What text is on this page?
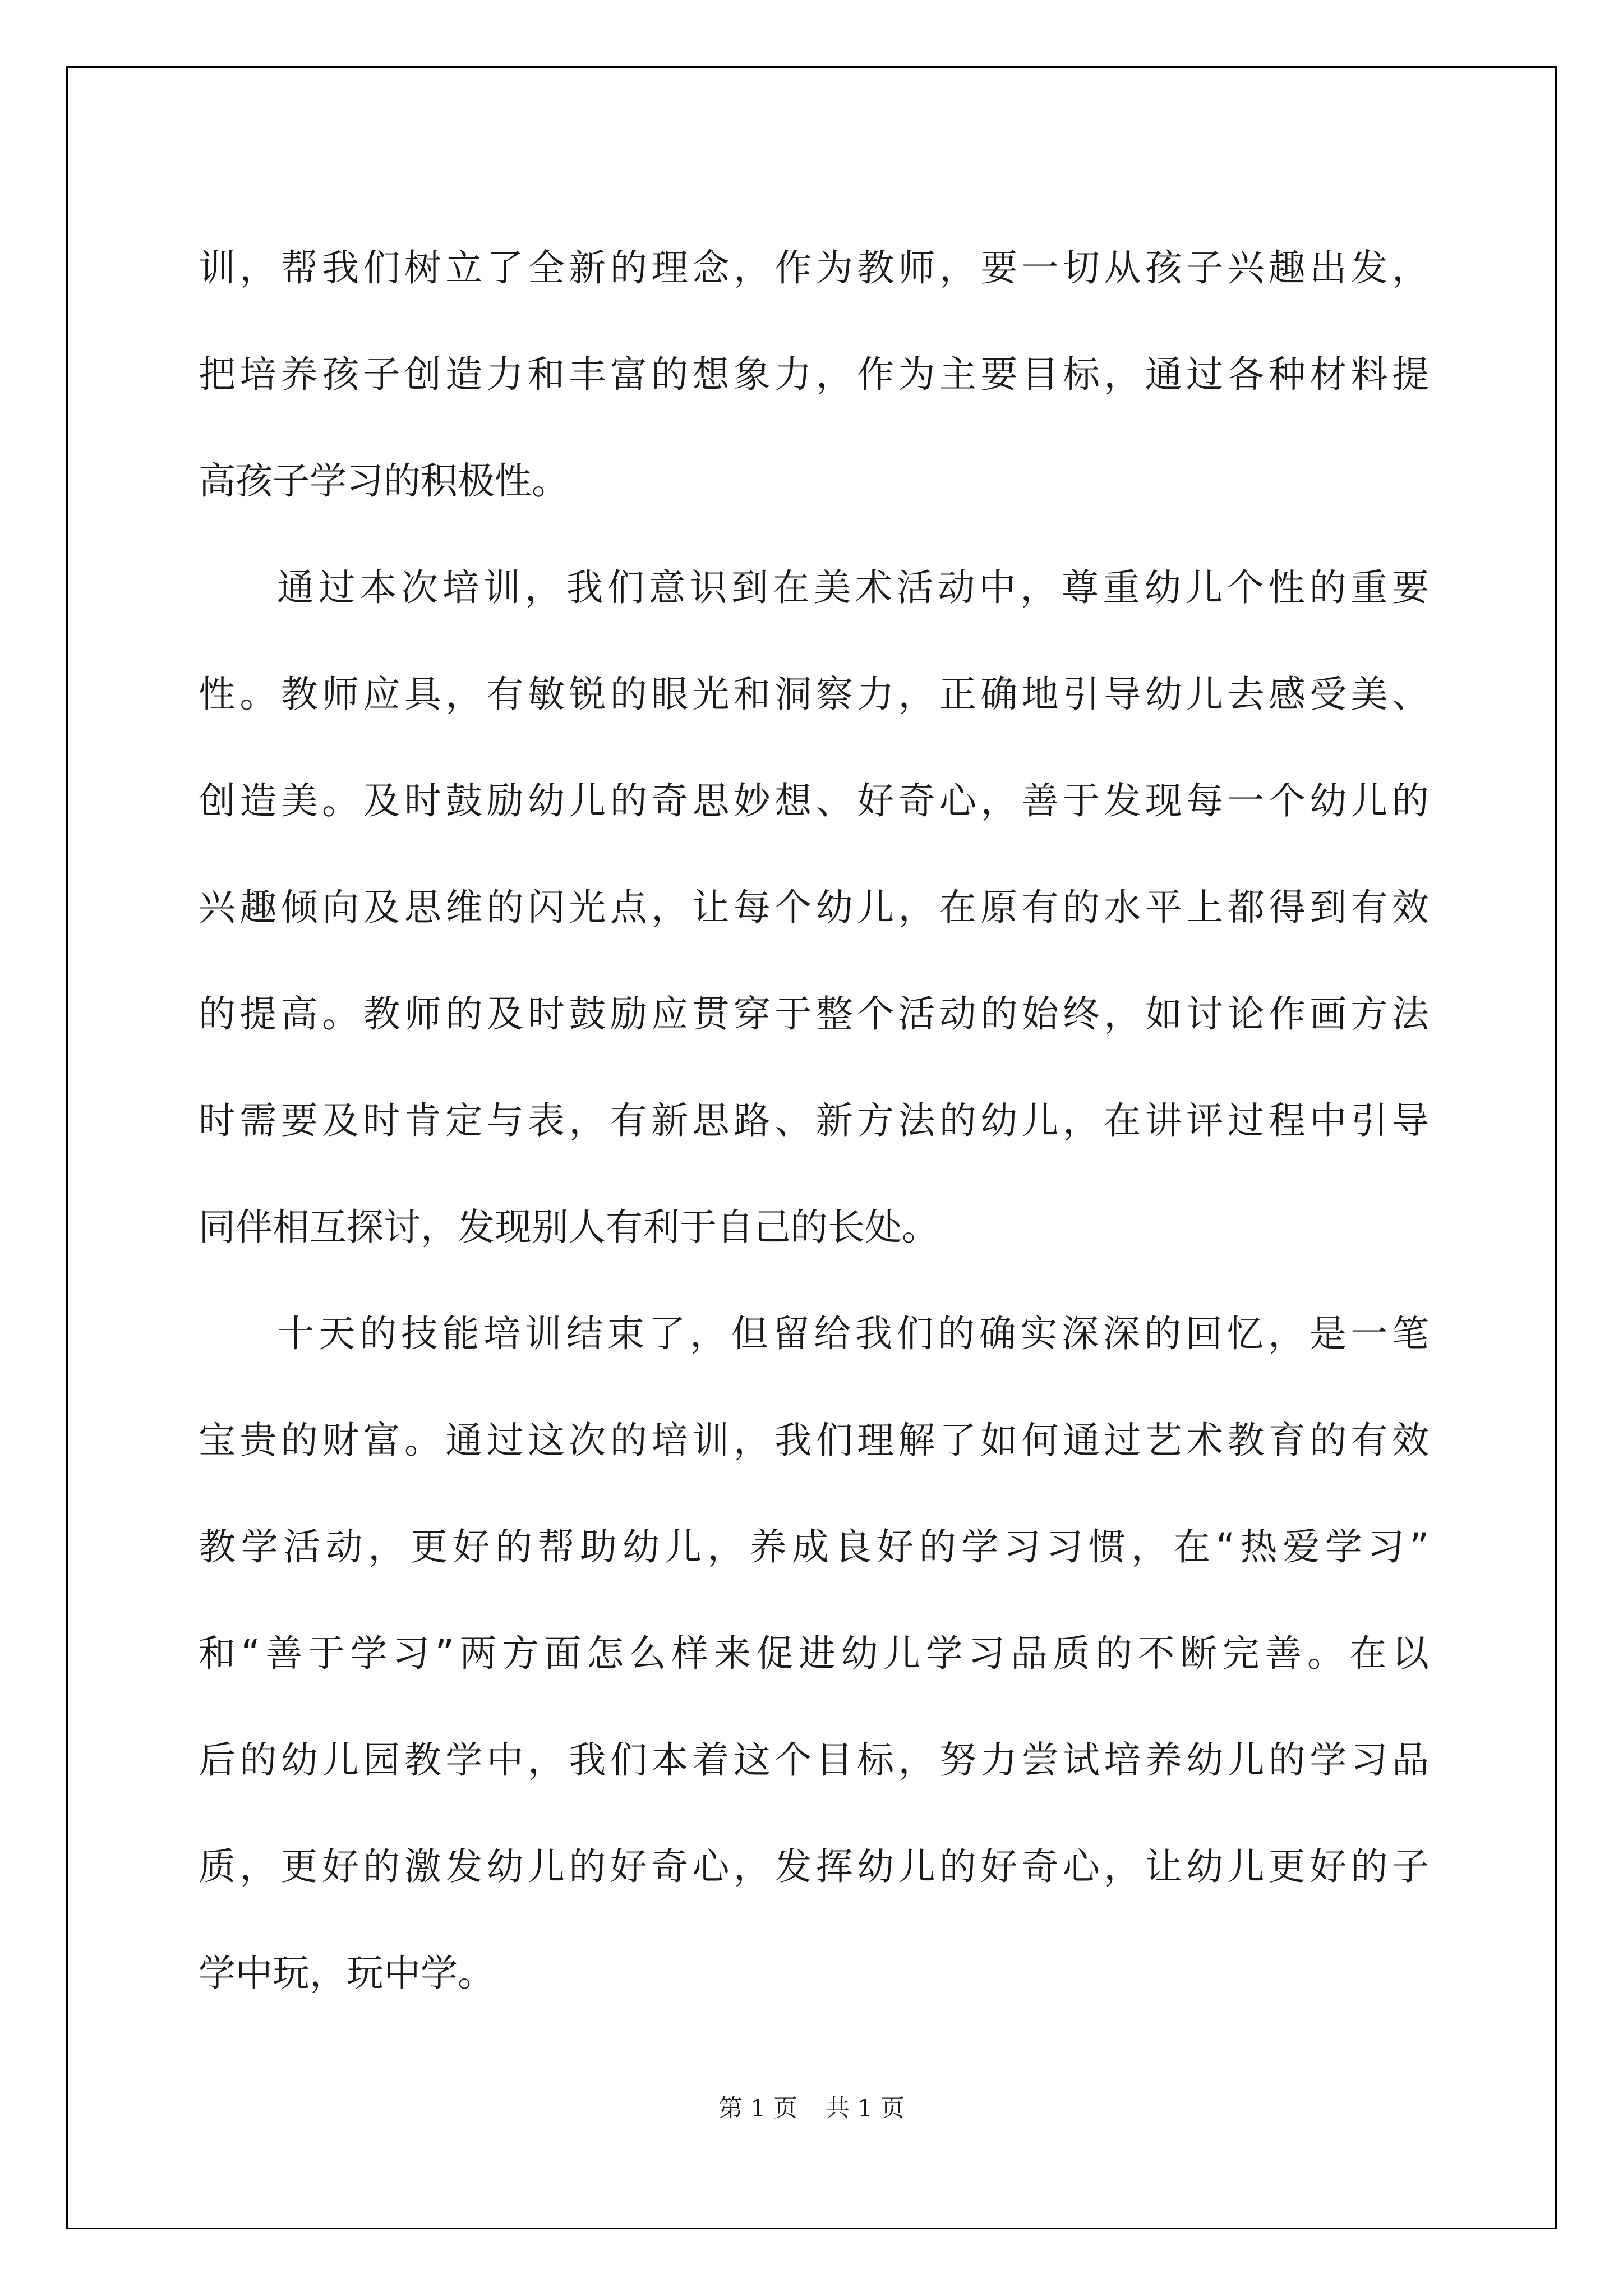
训，帮我们树立了全新的理念，作为教师，要一切从孩子兴趣出发，
把培养孩子创造力和丰富的想象力，作为主要目标，通过各种材料提
高孩子学习的积极性。
通过本次培训，我们意识到在美术活动中，尊重幼儿个性的重要
性。教师应具，有敏锐的眼光和洞察力，正确地引导幼儿去感受美、
创造美。及时鼓励幼儿的奇思妙想、好奇心，善于发现每一个幼儿的
兴趣倾向及思维的闪光点，让每个幼儿，在原有的水平上都得到有效
的提高。教师的及时鼓励应贯穿于整个活动的始终，如讨论作画方法
时需要及时肯定与表，有新思路、新方法的幼儿，在讲评过程中引导
同伴相互探讨，发现别人有利于自己的长处。
十天的技能培训结束了，但留给我们的确实深深的回忆，是一笔
宝贵的财富。通过这次的培训，我们理解了如何通过艺术教育的有效
教学活动，更好的帮助幼儿，养成良好的学习习惯，在“热爱学习”
和“善于学习”两方面怎么样来促进幼儿学习品质的不断完善。在以
后的幼儿园教学中，我们本着这个目标，努力尝试培养幼儿的学习品
质，更好的激发幼儿的好奇心，发挥幼儿的好奇心，让幼儿更好的子
学中玩，玩中学。
第 1 页 共 1 页
